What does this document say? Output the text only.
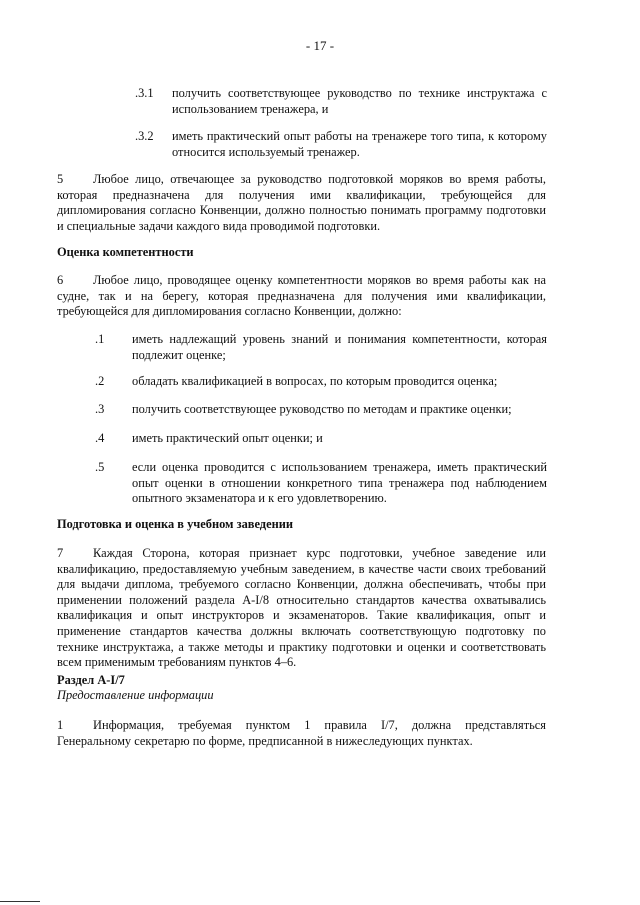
- 17 -
.3.1 получить соответствующее руководство по технике инструктажа с использованием тренажера, и
.3.2 иметь практический опыт работы на тренажере того типа, к которому относится используемый тренажер.

5 Любое лицо, отвечающее за руководство подготовкой моряков во время работы, которая предназначена для получения ими квалификации, требующейся для дипломирования согласно Конвенции, должно полностью понимать программу подготовки и специальные задачи каждого вида проводимой подготовки.

Оценка компетентности

6 Любое лицо, проводящее оценку компетентности моряков во время работы как на судне, так и на берегу, которая предназначена для получения ими квалификации, требующейся для дипломирования согласно Конвенции, должно:

.1 иметь надлежащий уровень знаний и понимания компетентности, которая подлежит оценке;
.2 обладать квалификацией в вопросах, по которым проводится оценка;
.3 получить соответствующее руководство по методам и практике оценки;
.4 иметь практический опыт оценки; и
.5 если оценка проводится с использованием тренажера, иметь практический опыт оценки в отношении конкретного типа тренажера под наблюдением опытного экзаменатора и к его удовлетворению.

Подготовка и оценка в учебном заведении

7 Каждая Сторона, которая признает курс подготовки, учебное заведение или квалификацию, предоставляемую учебным заведением, в качестве части своих требований для выдачи диплома, требуемого согласно Конвенции, должна обеспечивать, чтобы при применении положений раздела A-I/8 относительно стандартов качества охватывались квалификация и опыт инструкторов и экзаменаторов. Такие квалификация, опыт и применение стандартов качества должны включать соответствующую подготовку по технике инструктажа, а также методы и практику подготовки и оценки и соответствовать всем применимым требованиям пунктов 4–6.

Раздел A-I/7

Предоставление информации

1 Информация, требуемая пунктом 1 правила I/7, должна представляться Генеральному секретарю по форме, предписанной в нижеследующих пунктах.
